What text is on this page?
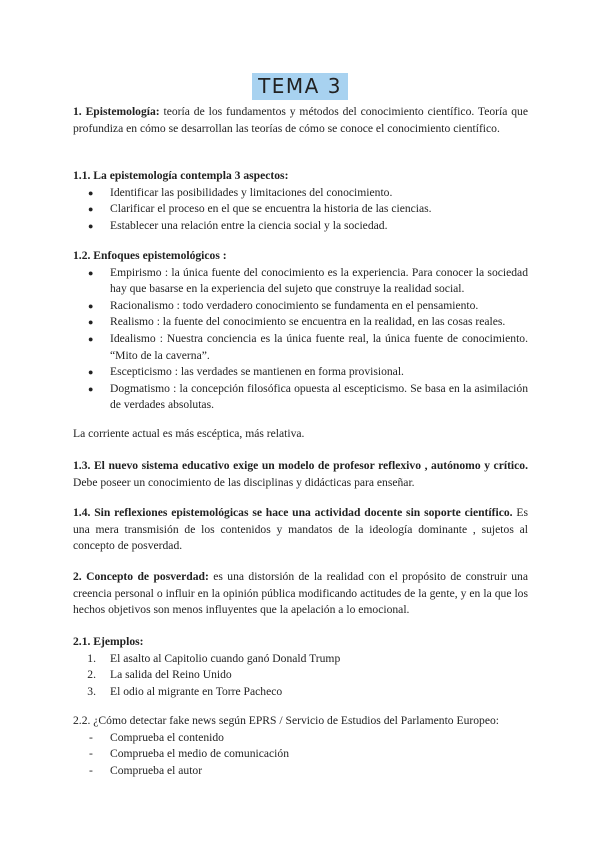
TEMA 3
1. Epistemología: teoría de los fundamentos y métodos del conocimiento científico. Teoría que profundiza en cómo se desarrollan las teorías de cómo se conoce el conocimiento científico.
1.1. La epistemología contempla 3 aspectos:
● Identificar las posibilidades y limitaciones del conocimiento.
● Clarificar el proceso en el que se encuentra la historia de las ciencias.
● Establecer una relación entre la ciencia social y la sociedad.
1.2. Enfoques epistemológicos :
● Empirismo : la única fuente del conocimiento es la experiencia. Para conocer la sociedad hay que basarse en la experiencia del sujeto que construye la realidad social.
● Racionalismo : todo verdadero conocimiento se fundamenta en el pensamiento.
● Realismo : la fuente del conocimiento se encuentra en la realidad, en las cosas reales.
● Idealismo : Nuestra conciencia es la única fuente real, la única fuente de conocimiento. “Mito de la caverna”.
● Escepticismo : las verdades se mantienen en forma provisional.
● Dogmatismo : la concepción filosófica opuesta al escepticismo. Se basa en la asimilación de verdades absolutas.
La corriente actual es más escéptica, más relativa.
1.3. El nuevo sistema educativo exige un modelo de profesor reflexivo , autónomo y crítico. Debe poseer un conocimiento de las disciplinas y didácticas para enseñar.
1.4. Sin reflexiones epistemológicas se hace una actividad docente sin soporte científico. Es una mera transmisión de los contenidos y mandatos de la ideología dominante , sujetos al concepto de posverdad.
2. Concepto de posverdad: es una distorsión de la realidad con el propósito de construir una creencia personal o influir en la opinión pública modificando actitudes de la gente, y en la que los hechos objetivos son menos influyentes que la apelación a lo emocional.
2.1. Ejemplos:
1.	El asalto al Capitolio cuando ganó Donald Trump
2.	La salida del Reino Unido
3.	El odio al migrante en Torre Pacheco
2.2. ¿Cómo detectar fake news según EPRS / Servicio de Estudios del Parlamento Europeo:
-	Comprueba el contenido
-	Comprueba el medio de comunicación
-	Comprueba el autor
